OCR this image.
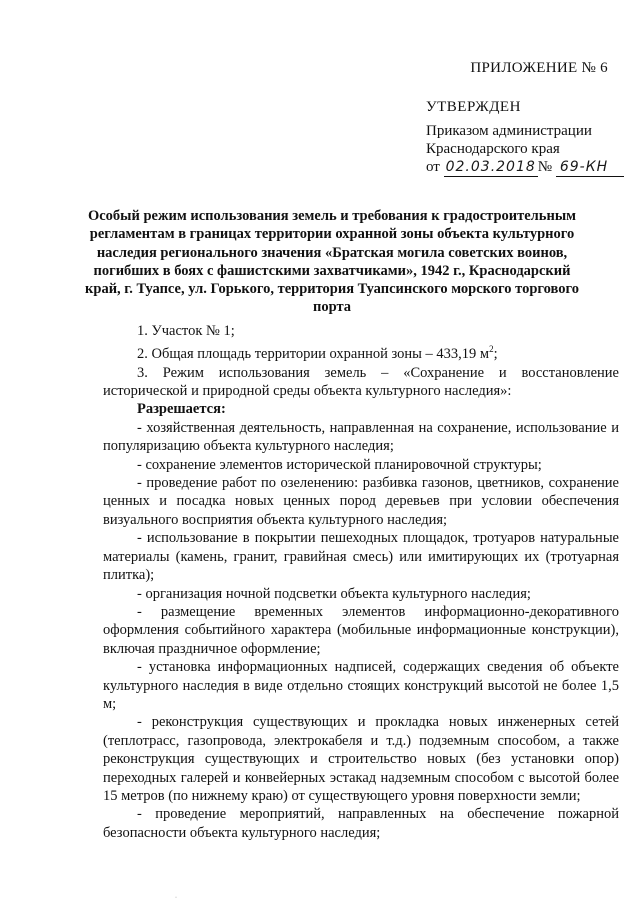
ПРИЛОЖЕНИЕ № 6
УТВЕРЖДЕН
Приказом администрации
Краснодарского края
от 02.03.2018 № 69-КН
Особый режим использования земель и требования к градостроительным регламентам в границах территории охранной зоны объекта культурного наследия регионального значения «Братская могила советских воинов, погибших в боях с фашистскими захватчиками», 1942 г., Краснодарский край, г. Туапсе, ул. Горького, территория Туапсинского морского торгового порта

1. Участок № 1;

2. Общая площадь территории охранной зоны – 433,19 $м^2$;

3. Режим использования земель – «Сохранение и восстановление исторической и природной среды объекта культурного наследия»:

Разрешается:

- хозяйственная деятельность, направленная на сохранение, использование и популяризацию объекта культурного наследия;

- сохранение элементов исторической планировочной структуры;

- проведение работ по озеленению: разбивка газонов, цветников, сохранение ценных и посадка новых ценных пород деревьев при условии обеспечения визуального восприятия объекта культурного наследия;

- использование в покрытии пешеходных площадок, тротуаров натуральные материалы (камень, гранит, гравийная смесь) или имитирующих их (тротуарная плитка);

- организация ночной подсветки объекта культурного наследия;

- размещение временных элементов информационно-декоративного оформления событийного характера (мобильные информационные конструкции), включая праздничное оформление;

- установка информационных надписей, содержащих сведения об объекте культурного наследия в виде отдельно стоящих конструкций высотой не более 1,5 м;

- реконструкция существующих и прокладка новых инженерных сетей (теплотрасс, газопровода, электрокабеля и т.д.) подземным способом, а также реконструкция существующих и строительство новых (без установки опор) переходных галерей и конвейерных эстакад надземным способом с высотой более 15 метров (по нижнему краю) от существующего уровня поверхности земли;

- проведение мероприятий, направленных на обеспечение пожарной безопасности объекта культурного наследия;

·
